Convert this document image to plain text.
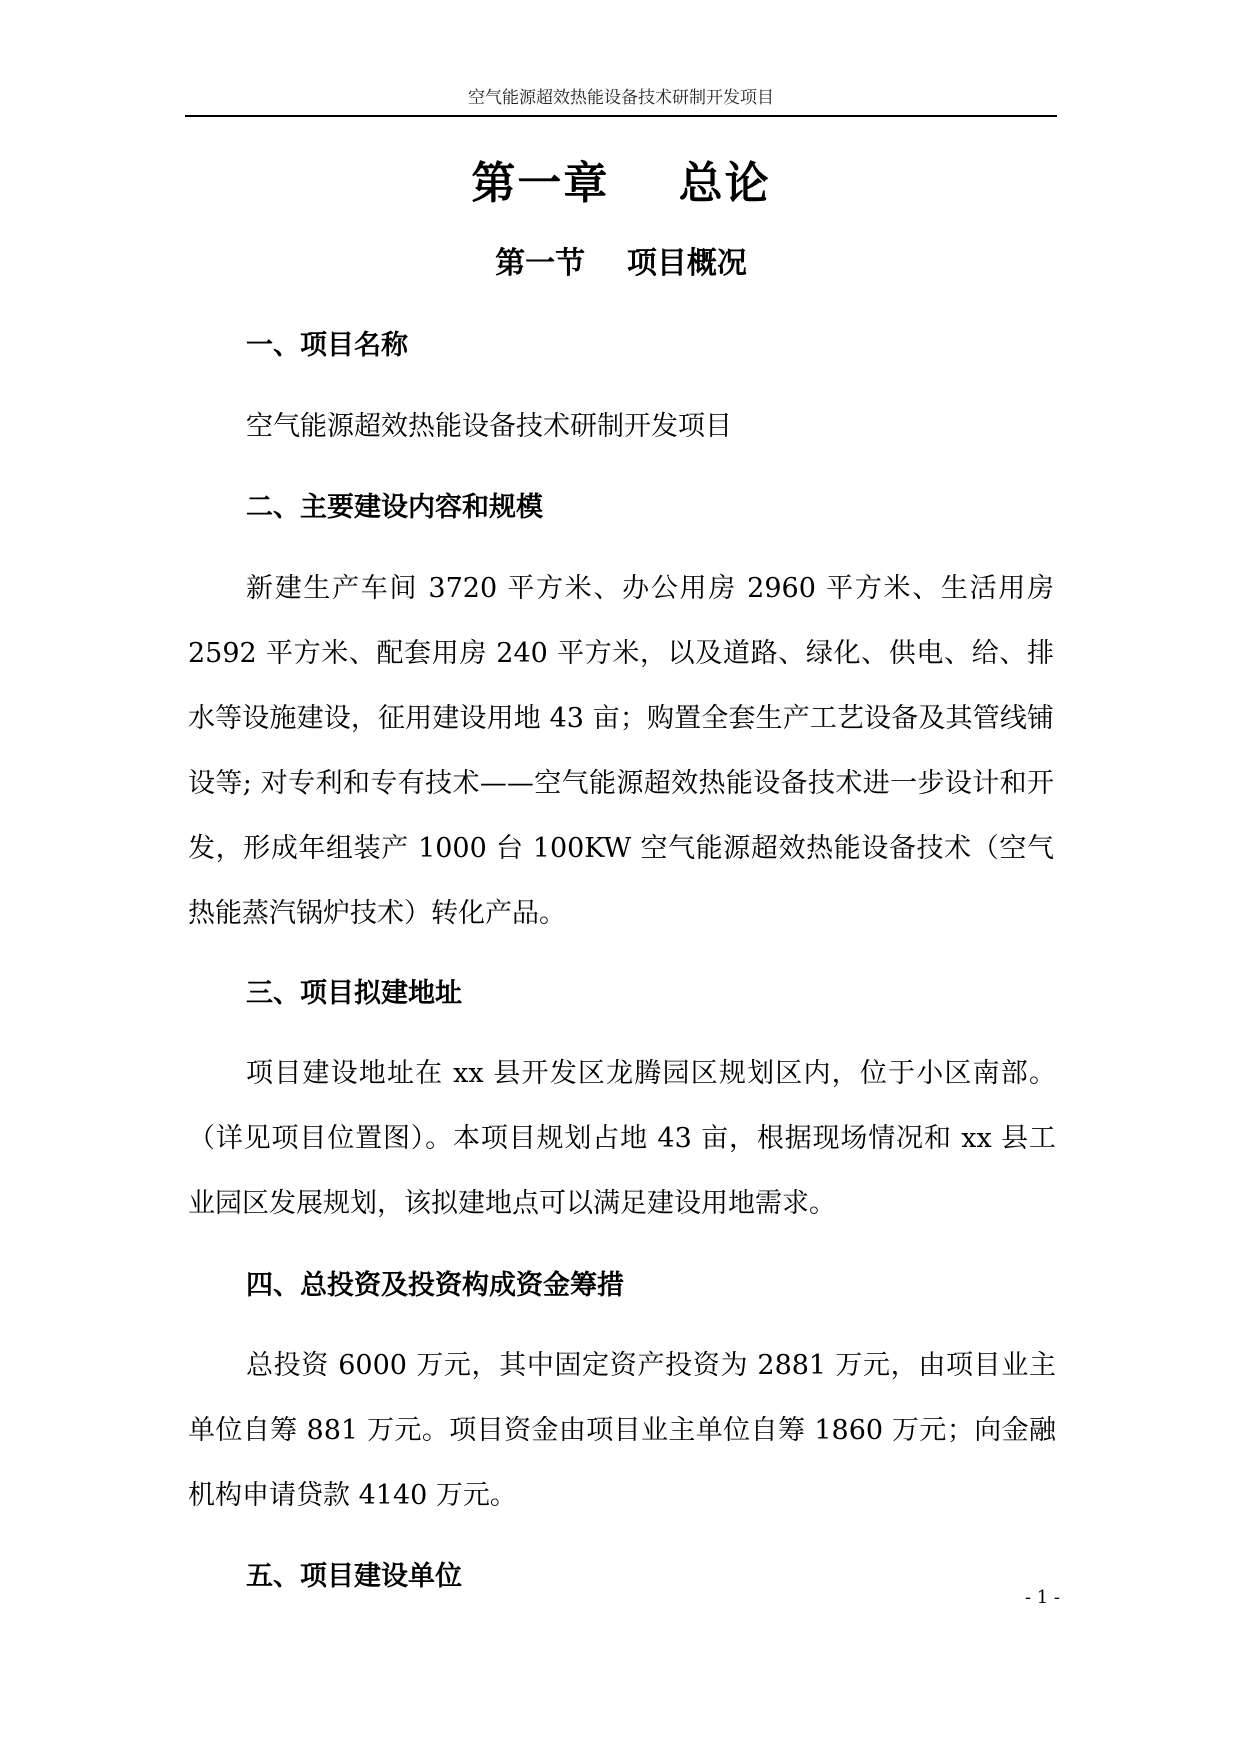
空气能源超效热能设备技术研制开发项目
第一章    总论
第一节    项目概况
一、项目名称

空气能源超效热能设备技术研制开发项目

二、主要建设内容和规模

新建生产车间 3720 平方米、办公用房 2960 平方米、生活用房 2592 平方米、配套用房 240 平方米，以及道路、绿化、供电、给、排水等设施建设，征用建设用地 43 亩；购置全套生产工艺设备及其管线铺设等; 对专利和专有技术——空气能源超效热能设备技术进一步设计和开发，形成年组装产 1000 台 100KW 空气能源超效热能设备技术（空气热能蒸汽锅炉技术）转化产品。

三、项目拟建地址

项目建设地址在 xx 县开发区龙腾园区规划区内，位于小区南部。（详见项目位置图）。本项目规划占地 43 亩，根据现场情况和 xx 县工业园区发展规划，该拟建地点可以满足建设用地需求。

四、总投资及投资构成资金筹措

总投资 6000 万元，其中固定资产投资为 2881 万元，由项目业主单位自筹 881 万元。项目资金由项目业主单位自筹 1860 万元；向金融机构申请贷款 4140 万元。

五、项目建设单位
- 1 -
